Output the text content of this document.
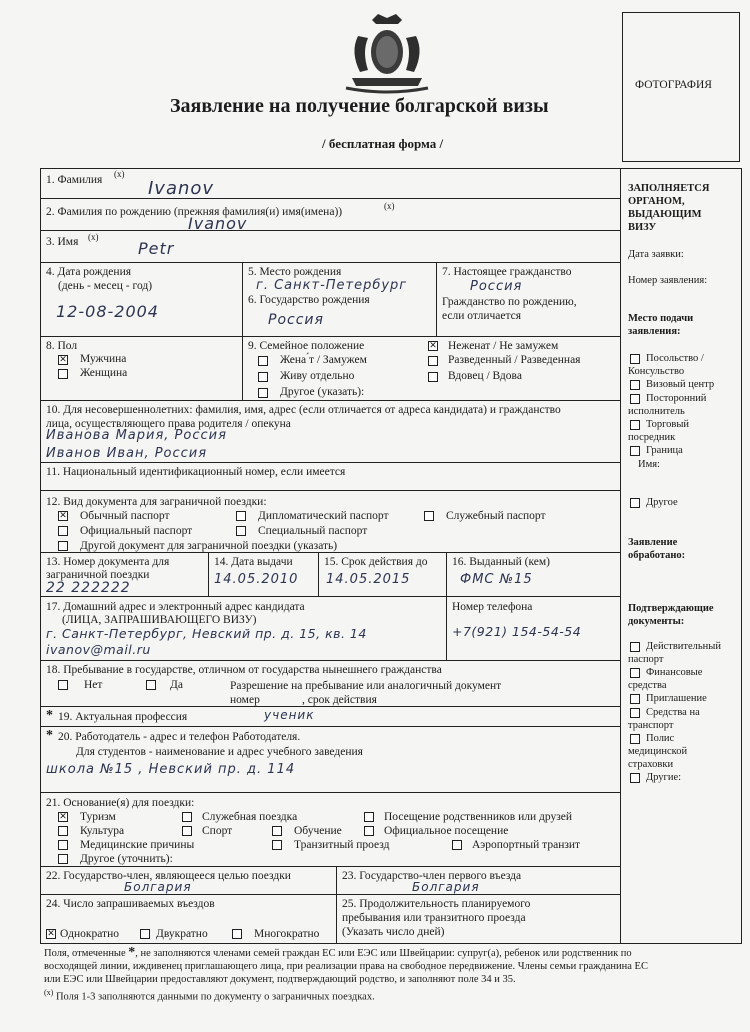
Заявление на получение болгарской визы
/ бесплатная форма /
ФОТОГРАФИЯ
ЗАПОЛНЯЕТСЯ ОРГАНОМ, ВЫДАЮЩИМ ВИЗУ
Дата заявки:
Номер заявления:
Место подачи заявления:
Посольство / Консульство
Визовый центр
Посторонний исполнитель
Торговый посредник
Граница
Имя:
Другое
Заявление обработано:
Подтверждающие документы:
Действительный паспорт
Финансовые средства
Приглашение
Средства на транспорт
Полис медицинской страховки
Другие:
1. Фамилия (x)
Ivanov
2. Фамилия по рождению (прежняя фамилия(и) имя(имена))	(x)
Ivanov
3. Имя (x)
Petr
4. Дата рождения
(день - месец - год)
12-08-2004
5. Место рождения
г. Санкт-Петербург
6. Государство рождения
Россия
7. Настоящее гражданство
Россия
Гражданство по рождению,
если отличается
8. Пол
✕
Мужчина
Женщина
9. Семейное положение
Жена ́т / Замужем
Живу отдельно
Другое (указать):
✕
Неженат / Не замужем
Разведенный / Разведенная
Вдовец / Вдова
10. Для несовершеннолетних: фамилия, имя, адрес (если отличается от адреса кандидата) и гражданство
лица, осуществляющего права родителя / опекуна
Иванова Мария, Россия
Иванов Иван, Россия
11. Национальный идентификационный номер, если имеется
12. Вид документа для заграничной поездки:
✕
Обычный паспорт	Дипломатический паспорт	Служебный паспорт
Официальный паспорт	Специальный паспорт
Другой документ для заграничной поездки (указать)
13. Номер документа для
заграничной поездки
22 222222
14. Дата выдачи
14.05.2010
15. Срок действия до
14.05.2015
16. Выданный (кем)
ФМС №15
17. Домашний адрес и электронный адрес кандидата
(ЛИЦА, ЗАПРАШИВАЮЩЕГО ВИЗУ)
г. Санкт-Петербург, Невский пр. д. 15, кв. 14
ivanov@mail.ru
Номер телефона
+7(921) 154-54-54
18. Пребывание в государстве, отличном от государства нынешнего гражданства
Нет	Да	Разрешение на пребывание или аналогичный документ
номер	, срок действия
* 19. Актуальная профессия	ученик
* 20. Работодатель - адрес и телефон Работодателя.
Для студентов - наименование и адрес учебного заведения
школа №15 , Невский пр. д. 114
21. Основание(я) для поездки:
✕
Туризм	Служебная поездка	Посещение родственников или друзей
Культура	Спорт	Обучение	Официальное посещение
Медицинские причины	Транзитный проезд	Аэропортный транзит
Другое (уточнить):
22. Государство-член, являющееся целью поездки
Болгария
23. Государство-член первого въезда
Болгария
24. Число запрашиваемых въездов
✕
Однократно	Двукратно	Многократно
25. Продолжительность планируемого
пребывания или транзитного проезда
(Указать число дней)
Поля, отмеченные *, не заполняются членами семей граждан ЕС или ЕЭС или Швейцарии: супруг(а), ребенок или родственник по
восходящей линии, иждивенец приглашающего лица, при реализации права на свободное передвижение. Члены семьи гражданина ЕС
или ЕЭС или Швейцарии предоставляют документ, подтверждающий родство, и заполняют поле 34 и 35.
$^{(x)}$ Поля 1-3 заполняются данными по документу о заграничных поездках.
